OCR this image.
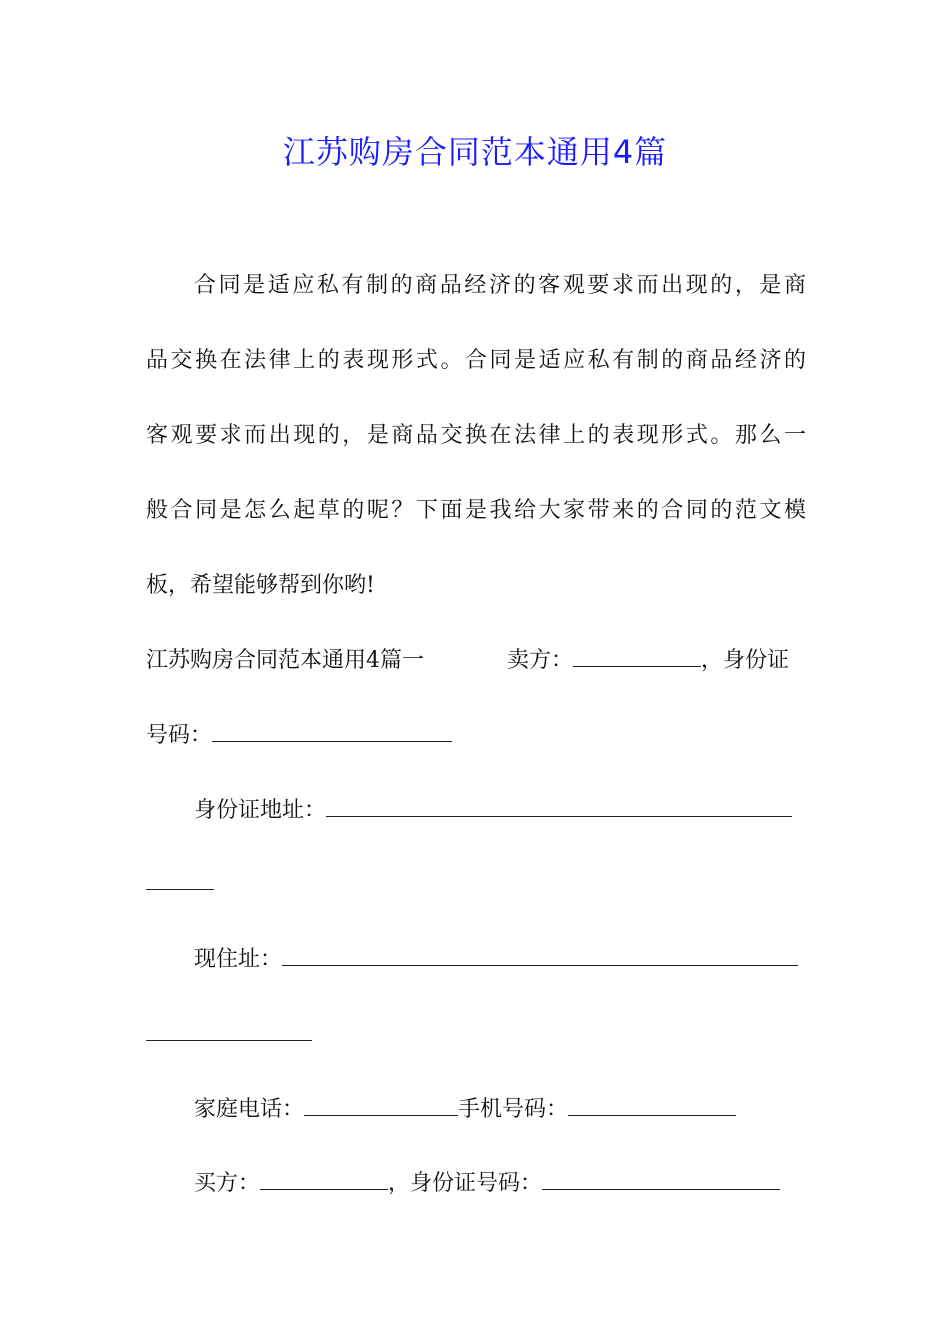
江苏购房合同范本通用4篇
合同是适应私有制的商品经济的客观要求而出现的，是商
品交换在法律上的表现形式。合同是适应私有制的商品经济的
客观要求而出现的，是商品交换在法律上的表现形式。那么一
般合同是怎么起草的呢？下面是我给大家带来的合同的范文模
板，希望能够帮到你哟!
江苏购房合同范本通用4篇一	卖方：	，身份证
号码：
身份证地址：
现住址：
家庭电话：	手机号码：
买方：	，身份证号码：
